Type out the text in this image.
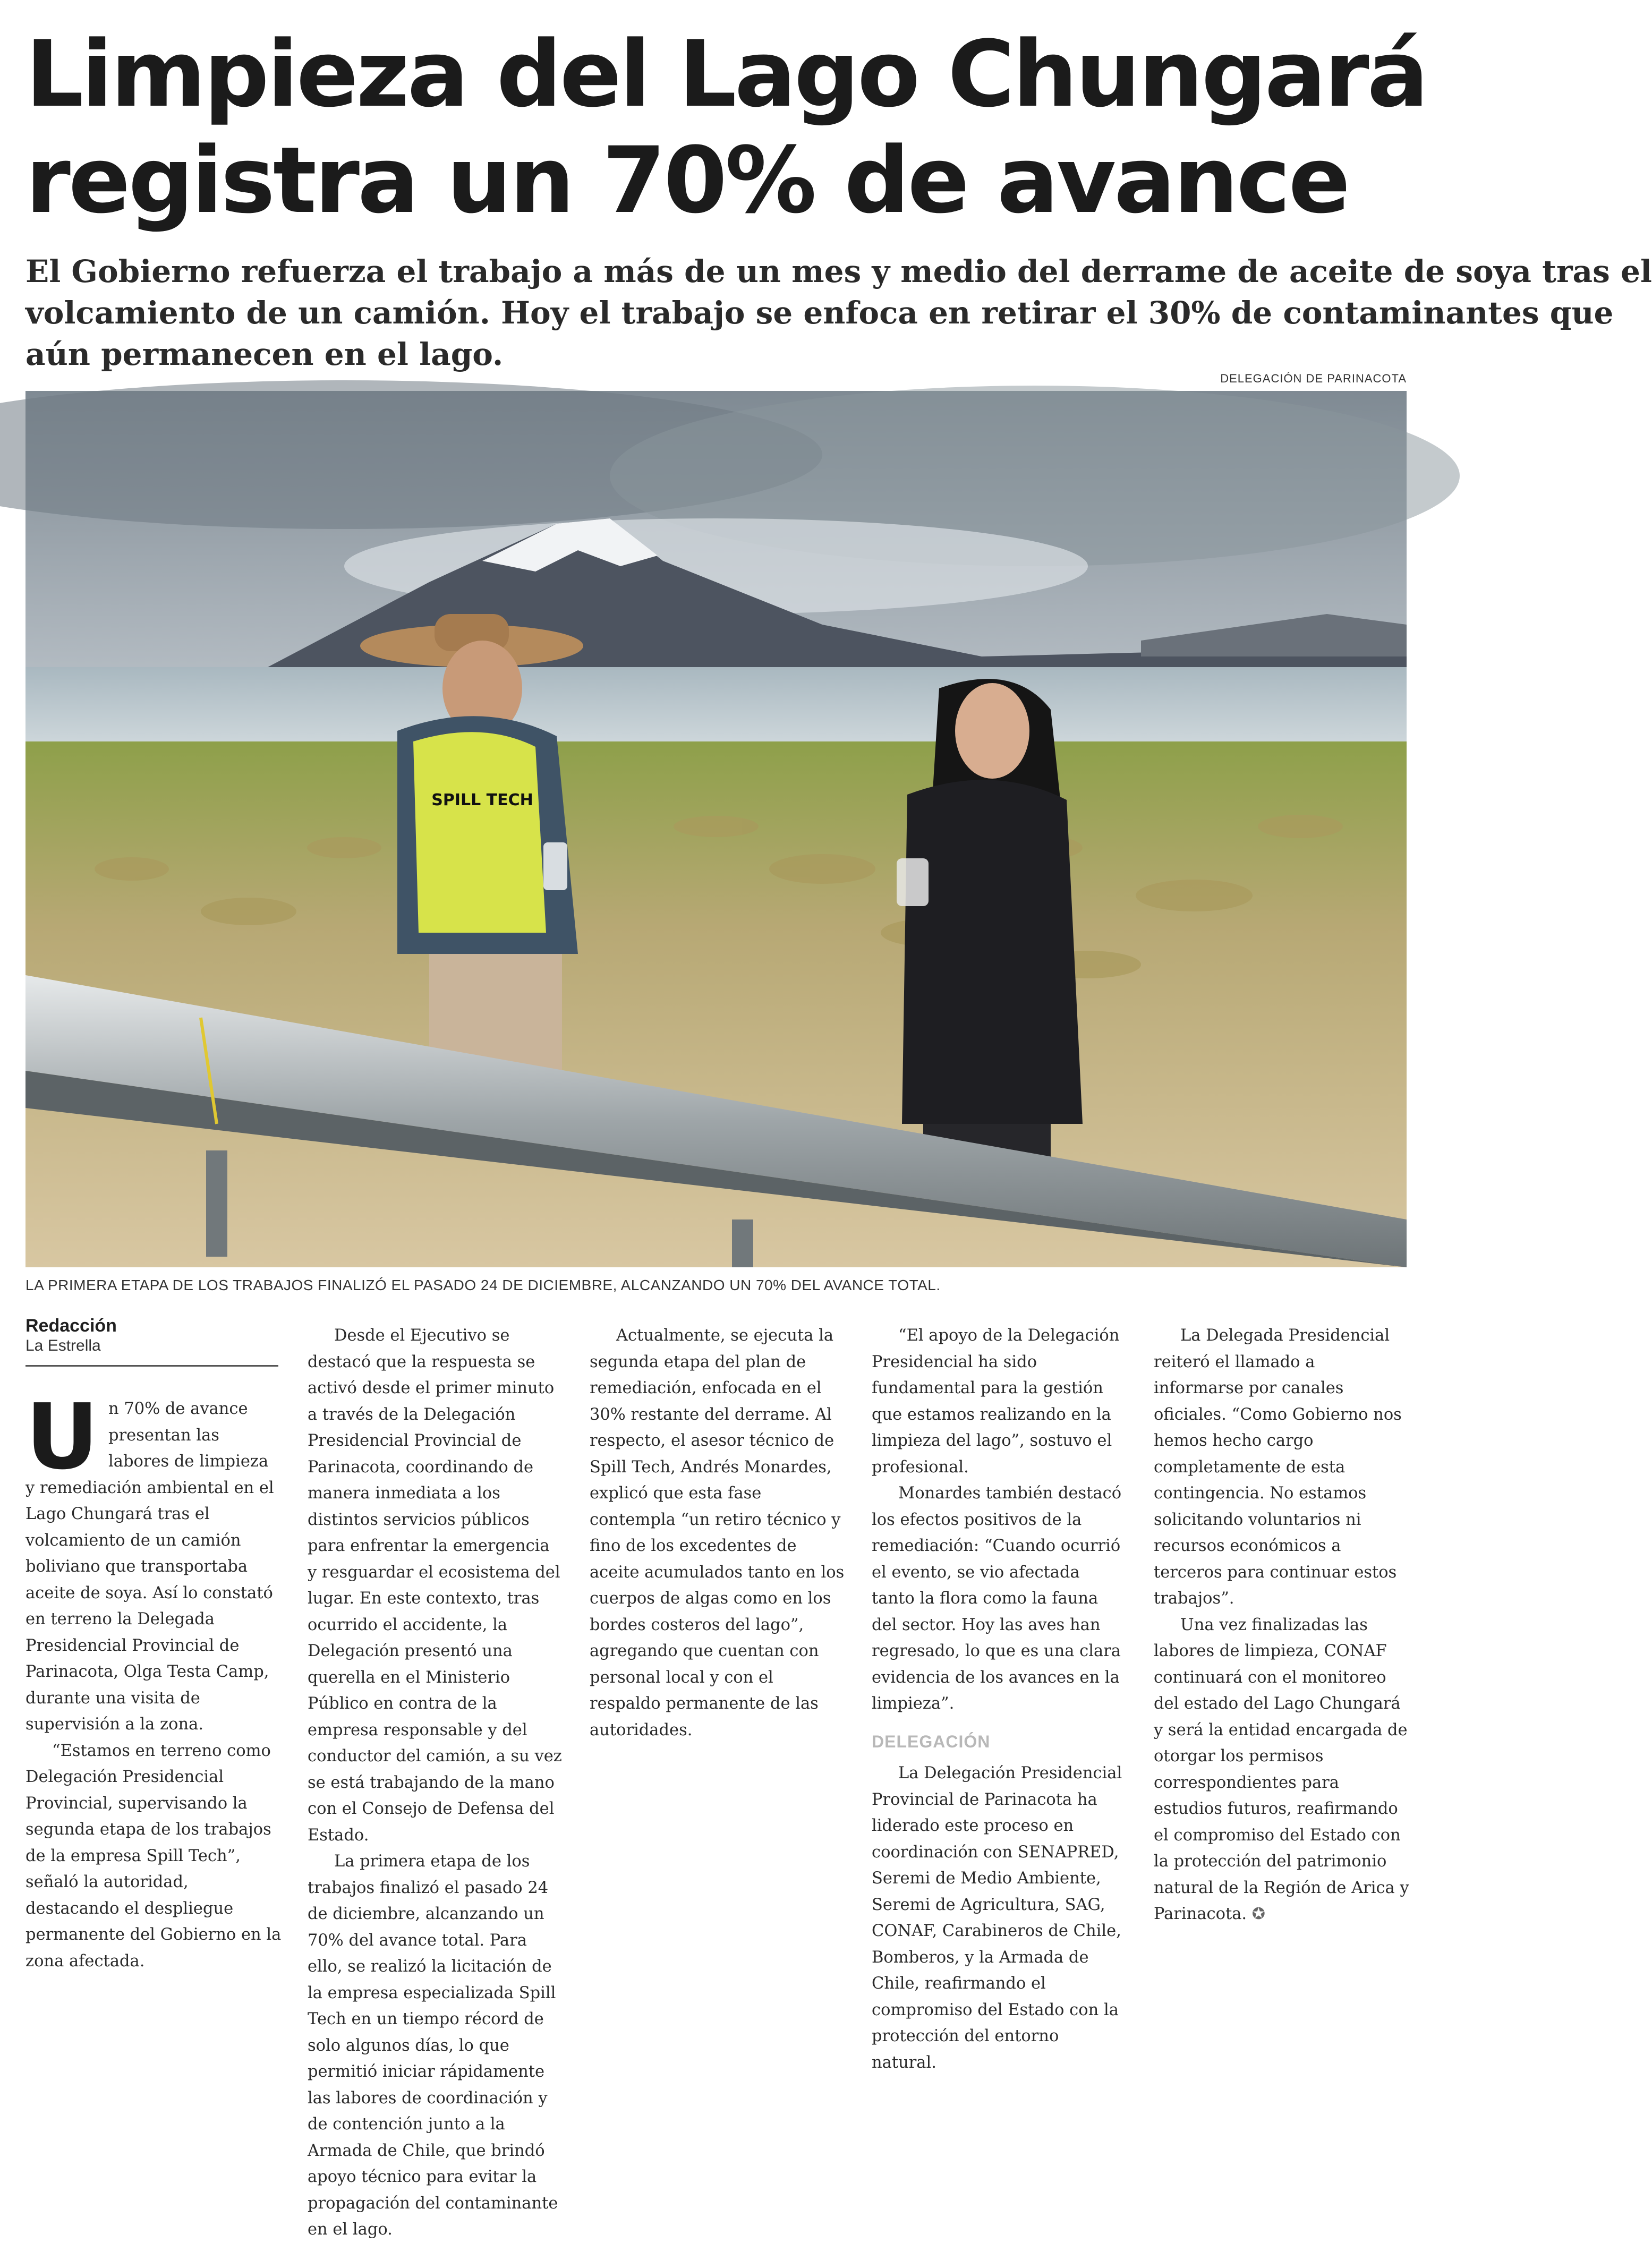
Limpieza del Lago Chungará
registra un 70% de avance
El Gobierno refuerza el trabajo a más de un mes y medio del derrame de aceite de soya tras el
volcamiento de un camión. Hoy el trabajo se enfoca en retirar el 30% de contaminantes que
aún permanecen en el lago.
DELEGACIÓN DE PARINACOTA
SPILL TECH
LA PRIMERA ETAPA DE LOS TRABAJOS FINALIZÓ EL PASADO 24 DE DICIEMBRE, ALCANZANDO UN 70% DEL AVANCE TOTAL.
Redacción
La Estrella
U n 70% de avance presentan las labores de limpieza y remediación ambiental en el Lago Chungará tras el volcamiento de un camión boliviano que transportaba aceite de soya. Así lo constató en terreno la Delegada Presidencial Provincial de Parinacota, Olga Testa Camp, durante una visita de supervisión a la zona.

“Estamos en terreno como Delegación Presidencial Provincial, supervisando la segunda etapa de los trabajos de la empresa Spill Tech”, señaló la autoridad, destacando el despliegue permanente del Gobierno en la zona afectada.

Desde el Ejecutivo se destacó que la respuesta se activó desde el primer minuto a través de la Delegación Presidencial Provincial de Parinacota, coordinando de manera inmediata a los distintos servicios públicos para enfrentar la emergencia y resguardar el ecosistema del lugar. En este contexto, tras ocurrido el accidente, la Delegación presentó una querella en el Ministerio Público en contra de la empresa responsable y del conductor del camión, a su vez se está trabajando de la mano con el Consejo de Defensa del Estado.

La primera etapa de los trabajos finalizó el pasado 24 de diciembre, alcanzando un 70% del avance total. Para ello, se realizó la licitación de la empresa especializada Spill Tech en un tiempo récord de solo algunos días, lo que permitió iniciar rápidamente las labores de coordinación y de contención junto a la Armada de Chile, que brindó apoyo técnico para evitar la propagación del contaminante en el lago.

Actualmente, se ejecuta la segunda etapa del plan de remediación, enfocada en el 30% restante del derrame. Al respecto, el asesor técnico de Spill Tech, Andrés Monardes, explicó que esta fase contempla “un retiro técnico y fino de los excedentes de aceite acumulados tanto en los cuerpos de algas como en los bordes costeros del lago”, agregando que cuentan con personal local y con el respaldo permanente de las autoridades.

“El apoyo de la Delegación Presidencial ha sido fundamental para la gestión que estamos realizando en la limpieza del lago”, sostuvo el profesional.

Monardes también destacó los efectos positivos de la remediación: “Cuando ocurrió el evento, se vio afectada tanto la flora como la fauna del sector. Hoy las aves han regresado, lo que es una clara evidencia de los avances en la limpieza”.

DELEGACIÓN

La Delegación Presidencial Provincial de Parinacota ha liderado este proceso en coordinación con SENAPRED, Seremi de Medio Ambiente, Seremi de Agricultura, SAG, CONAF, Carabineros de Chile, Bomberos, y la Armada de Chile, reafirmando el compromiso del Estado con la protección del entorno natural.

La Delegada Presidencial reiteró el llamado a informarse por canales oficiales. “Como Gobierno nos hemos hecho cargo completamente de esta contingencia. No estamos solicitando voluntarios ni recursos económicos a terceros para continuar estos trabajos”.

Una vez finalizadas las labores de limpieza, CONAF continuará con el monitoreo del estado del Lago Chungará y será la entidad encargada de otorgar los permisos correspondientes para estudios futuros, reafirmando el compromiso del Estado con la protección del patrimonio natural de la Región de Arica y Parinacota. ✪
